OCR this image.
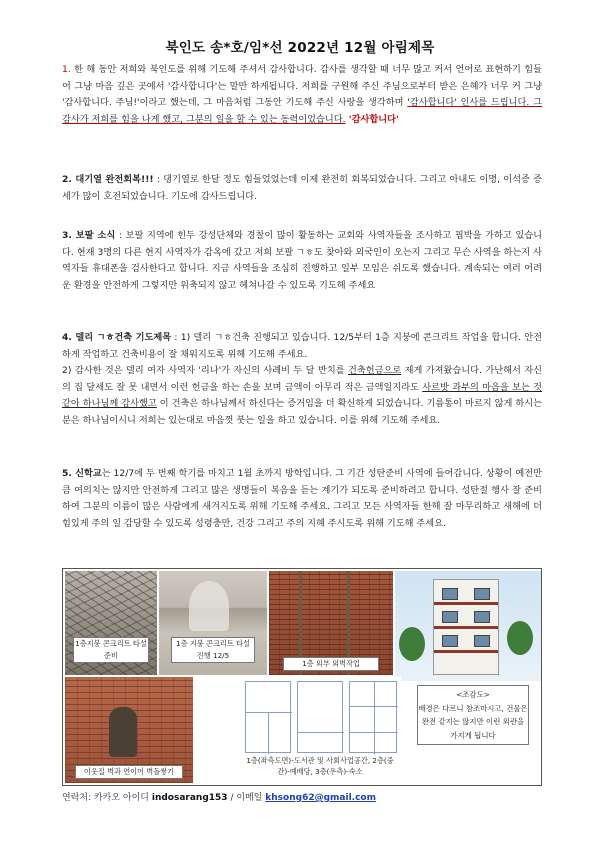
북인도 송*호/임*선 2022년 12월 아림제목

1. 한 해 동안 저희와 북인도를 위해 기도해 주셔서 감사합니다. 감사를 생각할 때 너무 많고 커서 언어로 표현하기 힘들어 그냥 마음 깊은 곳에서 '감사합니다'는 말만 하게됩니다. 저희를 구원해 주신 주님으로부터 받은 은혜가 너무 커 그냥 '감사합니다. 주님!'이라고 했는데, 그 마음처럼 그동안 기도해 주신 사랑을 생각하며 '감사합니다' 인사를 드립니다. 그 감사가 저희를 힘을 나게 했고, 그분의 일을 할 수 있는 동력이었습니다. '감사합니다'

2. 대기열 완전회복!!! : 댕기열로 한달 정도 힘들었었는데 이제 완전히 회복되었습니다. 그리고 아내도 이명, 이석증 증세가 많이 호전되었습니다. 기도에 감사드립니다.

3. 보팔 소식 : 보팔 지역에 힌두 강성단체와 경찰이 많이 활동하는 교회와 사역자들을 조사하고 핍박을 가하고 있습니다. 현재 3명의 다른 현지 사역자가 감옥에 갔고 저희 보팔 ㄱㅎ도 찾아와 외국인이 오는지 그리고 무슨 사역을 하는지 사역자들 휴대폰을 검사한다고 합니다. 지금 사역들을 조심히 진행하고 일부 모임은 쉬도록 했습니다. 계속되는 여러 어려운 환경을 안전하게 그렇지만 위축되지 않고 헤쳐나갈 수 있도록 기도해 주세요

4. 델리 ㄱㅎ건축 기도제목 : 1) 델리 ㄱㅎ건축 진행되고 있습니다. 12/5부터 1층 지붕에 콘크리트 작업을 합니다. 안전하게 작업하고 건축비용이 잘 채워지도록 위해 기도해 주세요.

2) 감사한 것은 델리 여자 사역자 '리나'가 자신의 사례비 두 달 반치를 건축헌금으로 제게 가져왔습니다. 가난해서 자신의 집 달세도 잘 못 내면서 이런 헌금을 하는 손을 보며 금액이 아무리 적은 금액일지라도 사르밧 과부의 마음을 보는 것 같아 하나님께 감사했고 이 건축은 하나님께서 하신다는 증거임을 더 확신하게 되었습니다. 기름통이 마르지 않게 하시는 분은 하나님이시니 저희는 있는대로 마음껏 붓는 일을 하고 있습니다. 이를 위해 기도해 주세요.

5. 신학교는 12/7에 두 번째 학기를 마치고 1월 초까지 방학입니다. 그 기간 성탄준비 사역에 들어갑니다. 상황이 예전만큼 여의치는 않지만 안전하게 그리고 많은 생명들이 복음을 듣는 계기가 되도록 준비하려고 합니다. 성탄절 행사 잘 준비하여 그분의 이름이 많은 사람에게 새겨지도록 위해 기도해 주세요. 그리고 모든 사역자들 한해 잘 마무리하고 새해에 더 힘있게 주의 일 감당할 수 있도록 성령충만, 건강 그리고 주의 지혜 주시도록 위해 기도해 주세요.

1층지붕 콘크리트 타설 준비
1층 지붕 콘크리트 타설 진행 12/5
1층 외부 외벽작업
이웃집 벽과 연이어 벽돌쌓기
1층(좌측도면)-도서관 및 사회사업공간, 2층(중간)-예배당, 3층(우측)-숙소
<조감도>
배경은 다르니 참조마시고, 건물은 완전 같지는 않지만 이런 외관을 가지게 됩니다
연락처: 카카오 아이디 indosarang153 / 이메일 khsong62@gmail.com
